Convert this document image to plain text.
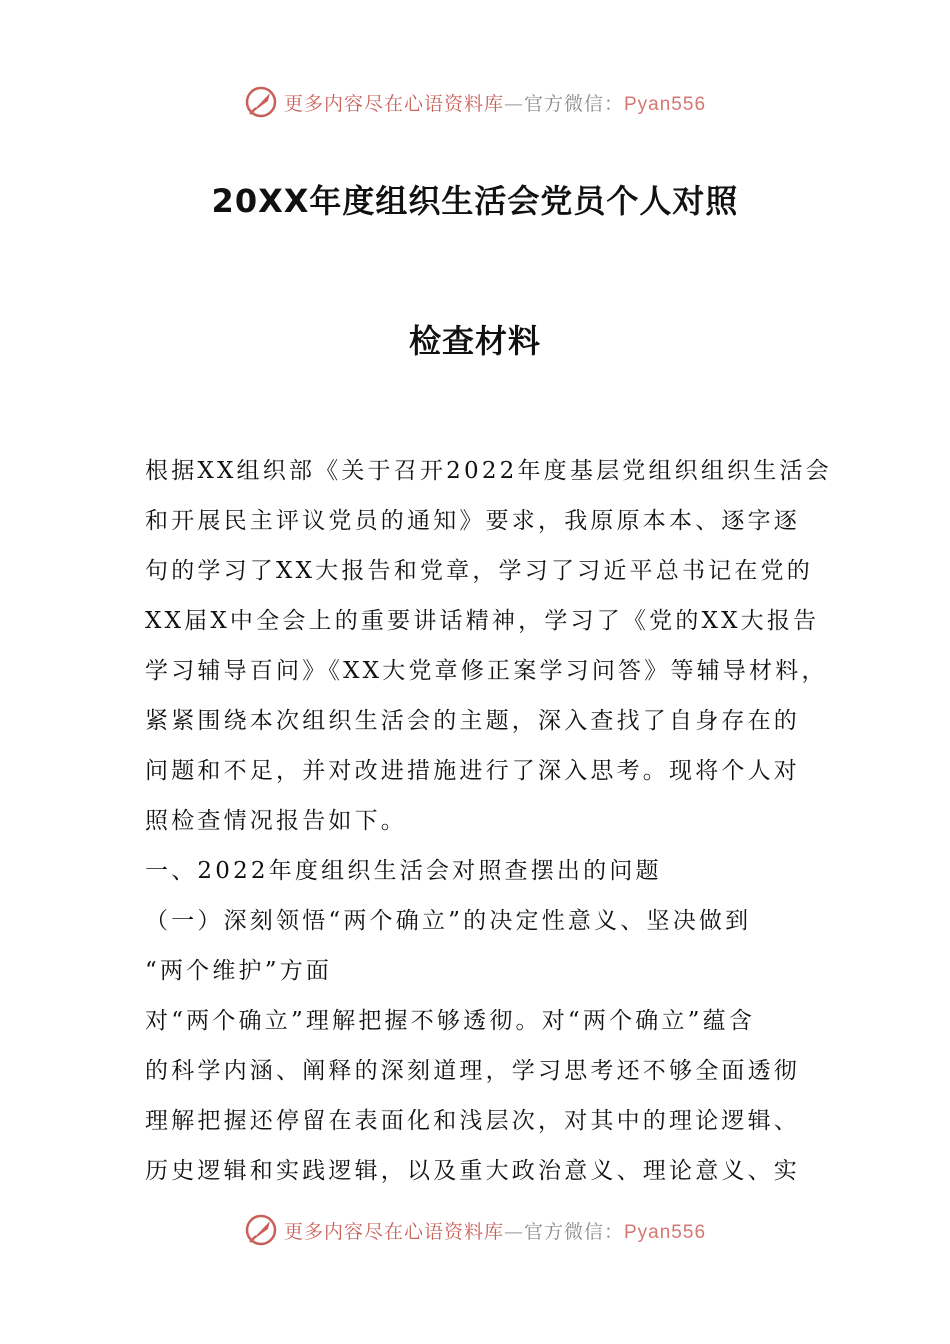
更多内容尽在心语资料库—官方微信：Pyan556
20XX年度组织生活会党员个人对照
检查材料

根据XX组织部《关于召开2022年度基层党组织组织生活会

和开展民主评议党员的通知》要求，我原原本本、逐字逐

句的学习了XX大报告和党章，学习了习近平总书记在党的

XX届X中全会上的重要讲话精神，学习了《党的XX大报告

学习辅导百问》《XX大党章修正案学习问答》等辅导材料，

紧紧围绕本次组织生活会的主题，深入查找了自身存在的

问题和不足，并对改进措施进行了深入思考。现将个人对

照检查情况报告如下。

一、2022年度组织生活会对照查摆出的问题

（一）深刻领悟“两个确立”的决定性意义、坚决做到

“两个维护”方面

对“两个确立”理解把握不够透彻。对“两个确立”蕴含

的科学内涵、阐释的深刻道理，学习思考还不够全面透彻

理解把握还停留在表面化和浅层次，对其中的理论逻辑、

历史逻辑和实践逻辑，以及重大政治意义、理论意义、实

更多内容尽在心语资料库—官方微信：Pyan556
